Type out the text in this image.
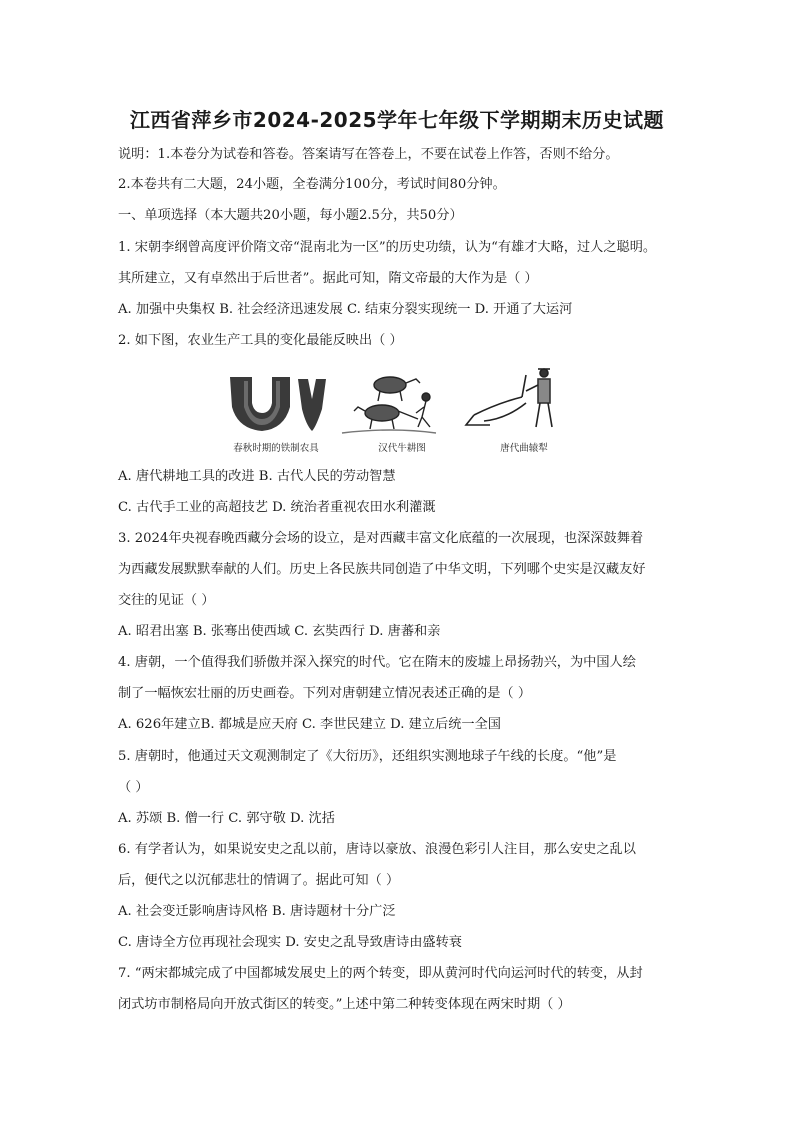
江西省萍乡市2024-2025学年七年级下学期期末历史试题
说明：1.本卷分为试卷和答卷。答案请写在答卷上，不要在试卷上作答，否则不给分。
2.本卷共有二大题，24小题，全卷满分100分，考试时间80分钟。
一、单项选择（本大题共20小题，每小题2.5分，共50分）
1. 宋朝李纲曾高度评价隋文帝“混南北为一区”的历史功绩，认为“有雄才大略，过人之聪明。
其所建立，又有卓然出于后世者”。据此可知，隋文帝最的大作为是（ ）
A. 加强中央集权 B. 社会经济迅速发展 C. 结束分裂实现统一 D. 开通了大运河
2. 如下图，农业生产工具的变化最能反映出（ ）
春秋时期的铁制农具	汉代牛耕图	唐代曲辕犁
A. 唐代耕地工具的改进 B. 古代人民的劳动智慧
C. 古代手工业的高超技艺 D. 统治者重视农田水利灌溉
3. 2024年央视春晚西藏分会场的设立，是对西藏丰富文化底蕴的一次展现，也深深鼓舞着
为西藏发展默默奉献的人们。历史上各民族共同创造了中华文明，下列哪个史实是汉藏友好
交往的见证（ ）
A. 昭君出塞 B. 张骞出使西域 C. 玄奘西行 D. 唐蕃和亲
4. 唐朝，一个值得我们骄傲并深入探究的时代。它在隋末的废墟上昂扬勃兴，为中国人绘
制了一幅恢宏壮丽的历史画卷。下列对唐朝建立情况表述正确的是（ ）
A. 626年建立B. 都城是应天府 C. 李世民建立 D. 建立后统一全国
5. 唐朝时，他通过天文观测制定了《大衍历》，还组织实测地球子午线的长度。“他”是
（ ）
A. 苏颂 B. 僧一行 C. 郭守敬 D. 沈括
6. 有学者认为，如果说安史之乱以前，唐诗以豪放、浪漫色彩引人注目，那么安史之乱以
后，便代之以沉郁悲壮的情调了。据此可知（ ）
A. 社会变迁影响唐诗风格 B. 唐诗题材十分广泛
C. 唐诗全方位再现社会现实 D. 安史之乱导致唐诗由盛转衰
7. “两宋都城完成了中国都城发展史上的两个转变，即从黄河时代向运河时代的转变，从封
闭式坊市制格局向开放式街区的转变。”上述中第二种转变体现在两宋时期（ ）
